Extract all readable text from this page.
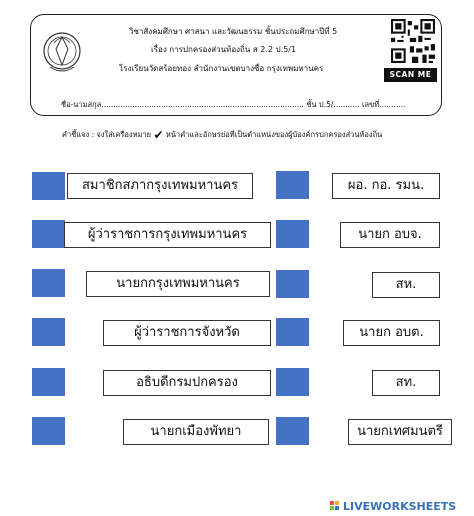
วิชาสังคมศึกษา ศาสนา และวัฒนธรรม ชั้นประถมศึกษาปีที่ 5
เรื่อง การปกครองส่วนท้องถิ่น ส 2.2 ป.5/1
โรงเรียนวัดสร้อยทอง สำนักงานเขตบางซื่อ กรุงเทพมหานคร
SCAN ME
ชื่อ-นามสกุล..................................................................................... ชั้น ป.5/........... เลขที่...........
คำชี้แจง : จงใส่เครื่องหมาย ✔ หน้าคำและอักษรย่อที่เป็นตำแหน่งของผู้บ้องค์กรปกครองส่วนท้องถิ่น
สมาชิกสภากรุงเทพมหานคร
ผู้ว่าราชการกรุงเทพมหานคร
นายกกรุงเทพมหานคร
ผู้ว่าราชการจังหวัด
อธิบดีกรมปกครอง
นายกเมืองพัทยา
ผอ. กอ. รมน.
นายก อบจ.
สห.
นายก อบต.
สท.
นายกเทศมนตรี
LIVEWORKSHEETS
